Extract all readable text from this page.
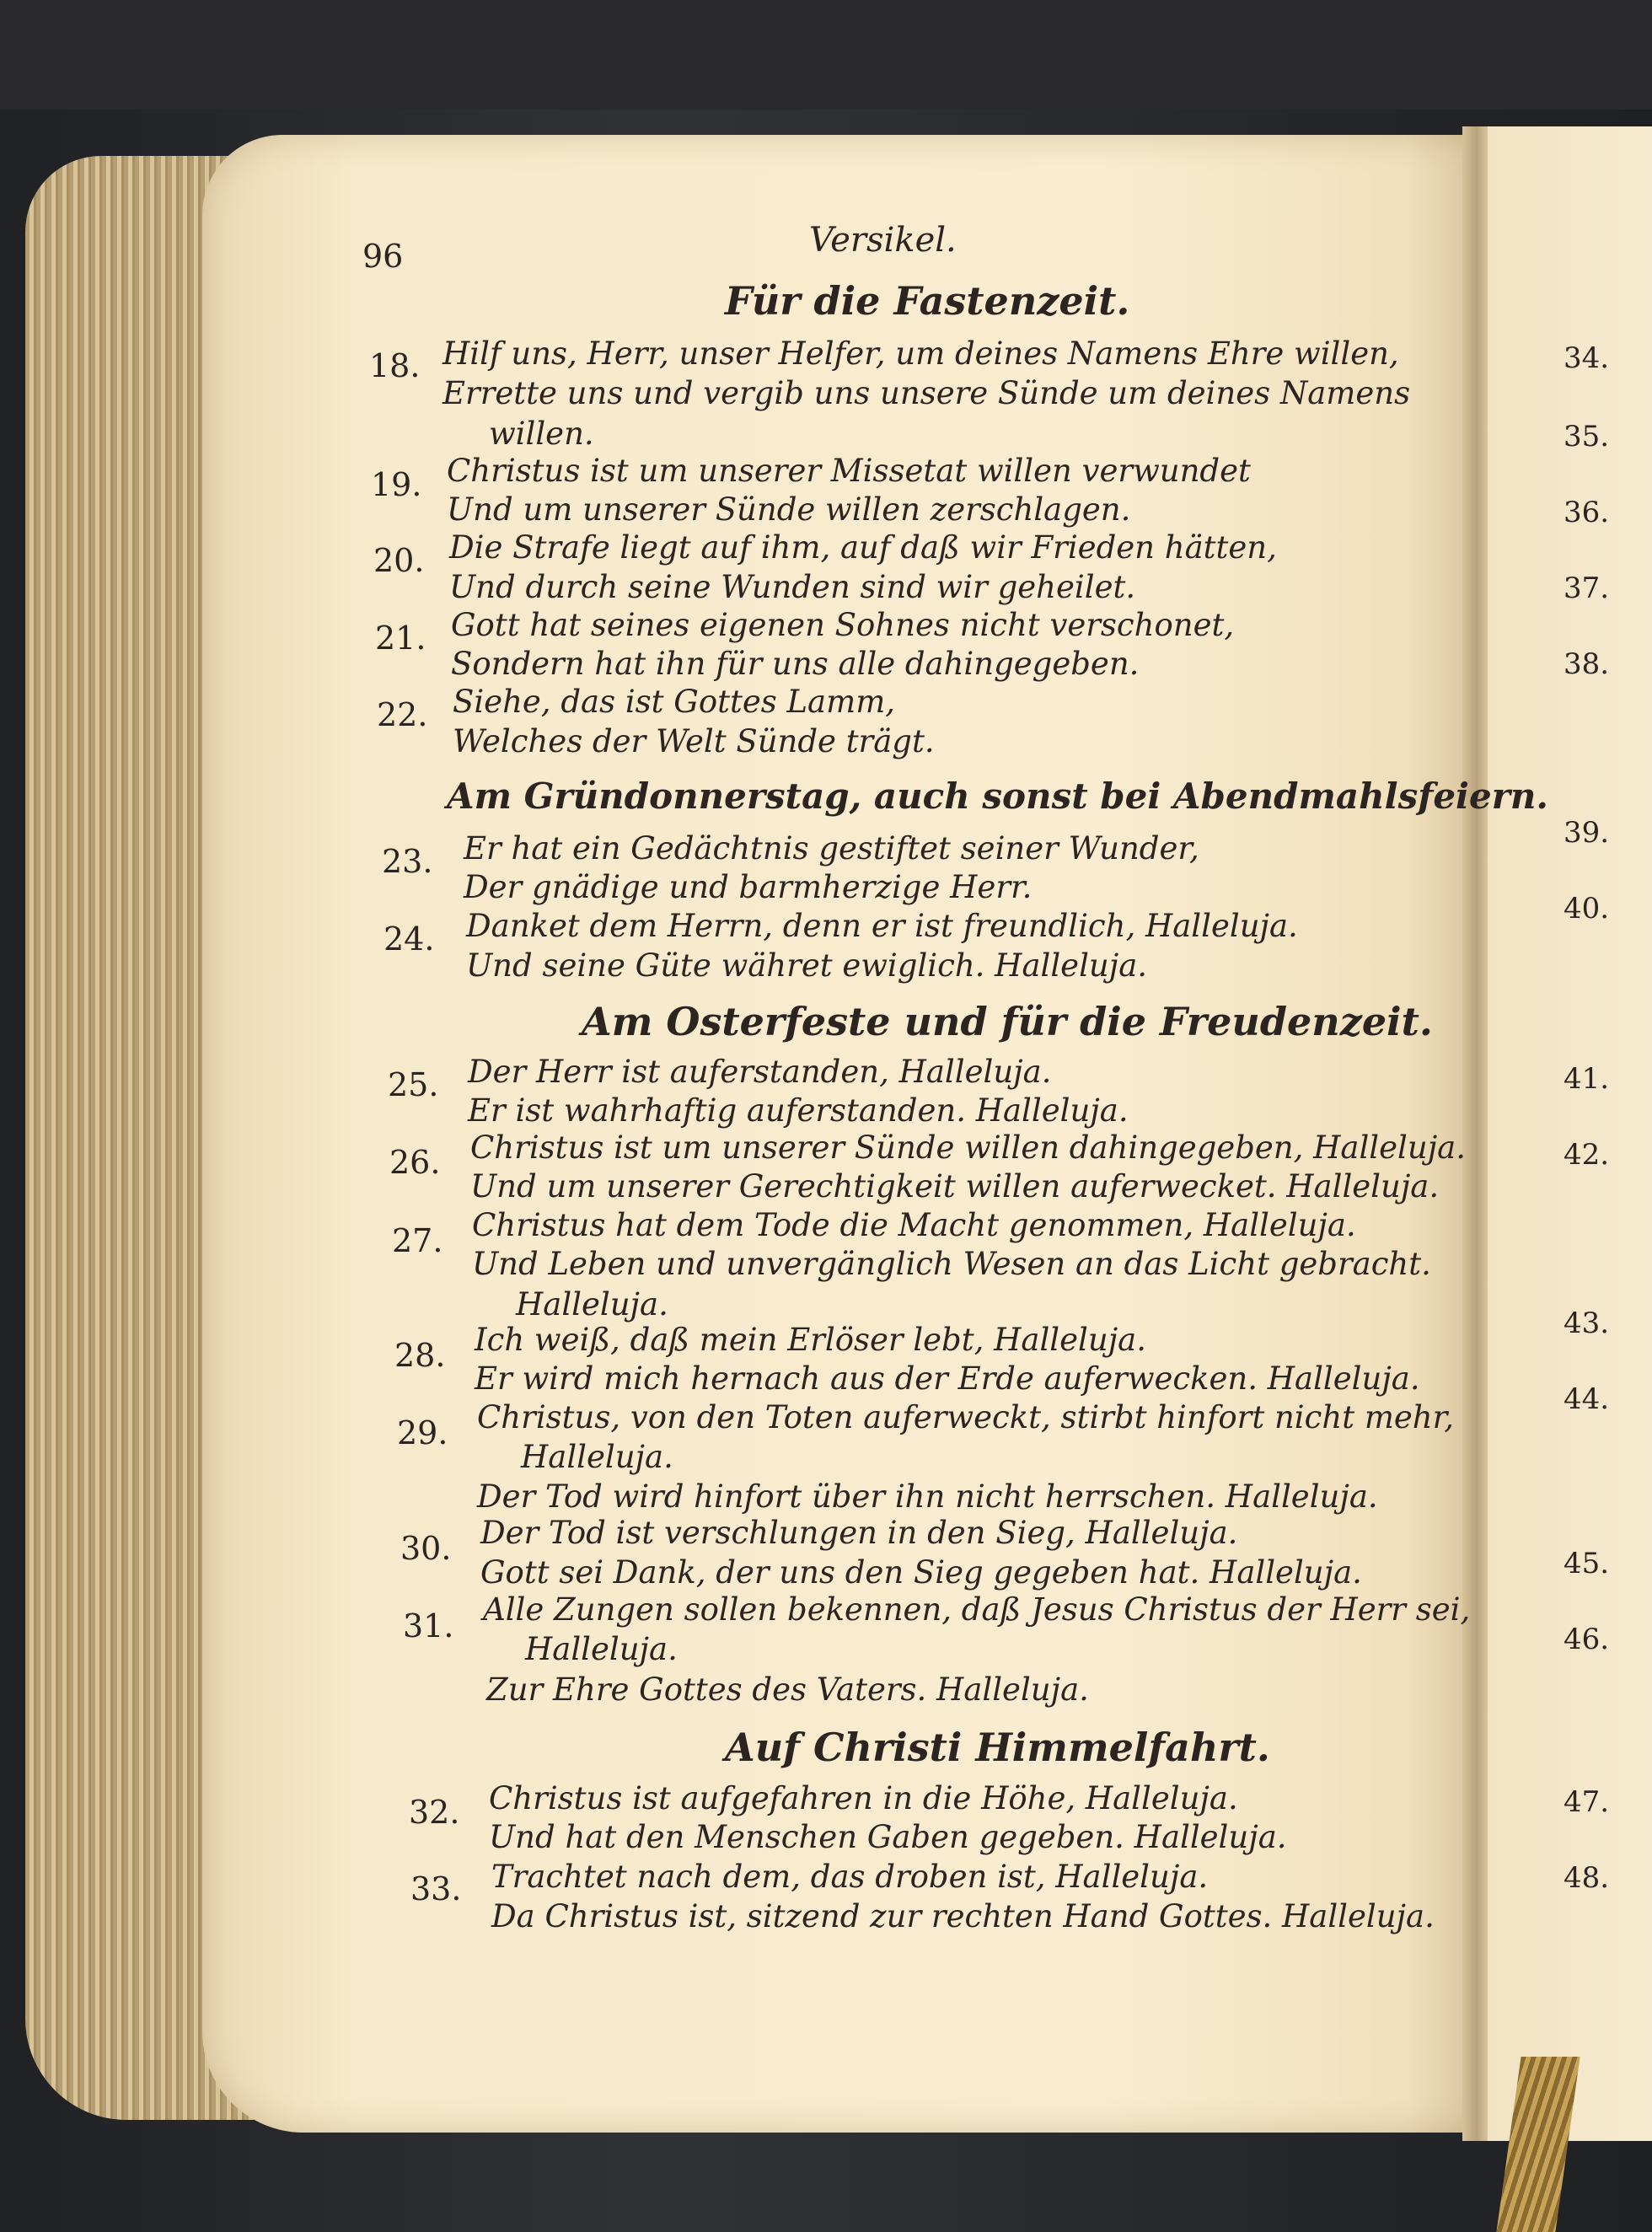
96	Versikel.
Für die Fastenzeit.
18. Hilf uns, Herr, unser Helfer, um deines Namens Ehre willen,
Errette uns und vergib uns unsere Sünde um deines Namens
willen.
19. Christus ist um unserer Missetat willen verwundet
Und um unserer Sünde willen zerschlagen.
20. Die Strafe liegt auf ihm, auf daß wir Frieden hätten,
Und durch seine Wunden sind wir geheilet.
21. Gott hat seines eigenen Sohnes nicht verschonet,
Sondern hat ihn für uns alle dahingegeben.
22. Siehe, das ist Gottes Lamm,
Welches der Welt Sünde trägt.
Am Gründonnerstag, auch sonst bei Abendmahlsfeiern.
23. Er hat ein Gedächtnis gestiftet seiner Wunder,
Der gnädige und barmherzige Herr.
24. Danket dem Herrn, denn er ist freundlich, Halleluja.
Und seine Güte währet ewiglich. Halleluja.
Am Osterfeste und für die Freudenzeit.
25. Der Herr ist auferstanden, Halleluja.
Er ist wahrhaftig auferstanden. Halleluja.
26. Christus ist um unserer Sünde willen dahingegeben, Halleluja.
Und um unserer Gerechtigkeit willen auferwecket. Halleluja.
27. Christus hat dem Tode die Macht genommen, Halleluja.
Und Leben und unvergänglich Wesen an das Licht gebracht.
Halleluja.
28. Ich weiß, daß mein Erlöser lebt, Halleluja.
Er wird mich hernach aus der Erde auferwecken. Halleluja.
29. Christus, von den Toten auferweckt, stirbt hinfort nicht mehr,
Halleluja.
Der Tod wird hinfort über ihn nicht herrschen. Halleluja.
30. Der Tod ist verschlungen in den Sieg, Halleluja.
Gott sei Dank, der uns den Sieg gegeben hat. Halleluja.
31. Alle Zungen sollen bekennen, daß Jesus Christus der Herr sei,
Halleluja.
Zur Ehre Gottes des Vaters. Halleluja.
Auf Christi Himmelfahrt.
32. Christus ist aufgefahren in die Höhe, Halleluja.
Und hat den Menschen Gaben gegeben. Halleluja.
33. Trachtet nach dem, das droben ist, Halleluja.
Da Christus ist, sitzend zur rechten Hand Gottes. Halleluja.
34.
35.
36.
37.
38.
39.
40.
41.
42.
43.
44.
45.
46.
47.
48.
